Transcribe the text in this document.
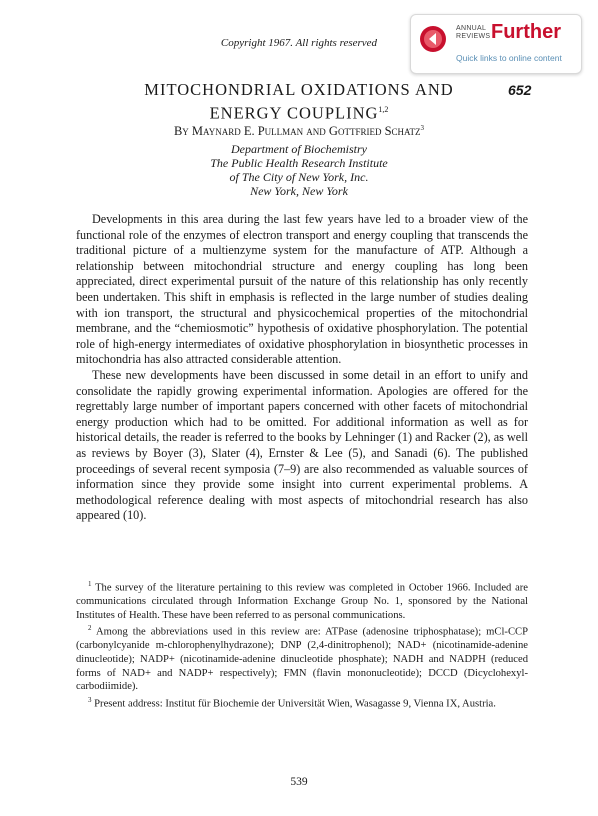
Copyright 1967. All rights reserved
ANNUAL
REVIEWS Further
Quick links to online content
652
MITOCHONDRIAL OXIDATIONS AND
ENERGY COUPLING$^{1,2}$
By Maynard E. Pullman and Gottfried Schatz$^3$
Department of Biochemistry
The Public Health Research Institute
of The City of New York, Inc.
New York, New York

Developments in this area during the last few years have led to a broader view of the functional role of the enzymes of electron transport and energy coupling that transcends the traditional picture of a multienzyme system for the manufacture of ATP. Although a relationship between mitochondrial structure and energy coupling has long been appreciated, direct experimental pursuit of the nature of this relationship has only recently been undertaken. This shift in emphasis is reflected in the large number of studies dealing with ion transport, the structural and physicochemical properties of the mitochondrial membrane, and the “chemiosmotic” hypothesis of oxidative phosphorylation. The potential role of high-energy intermediates of oxidative phosphorylation in biosynthetic processes in mitochondria has also attracted considerable attention.

These new developments have been discussed in some detail in an effort to unify and consolidate the rapidly growing experimental information. Apologies are offered for the regrettably large number of important papers concerned with other facets of mitochondrial energy production which had to be omitted. For additional information as well as for historical details, the reader is referred to the books by Lehninger (1) and Racker (2), as well as reviews by Boyer (3), Slater (4), Ernster & Lee (5), and Sanadi (6). The published proceedings of several recent symposia (7–9) are also recommended as valuable sources of information since they provide some insight into current experimental problems. A methodological reference dealing with most aspects of mitochondrial research has also appeared (10).

$^1$ The survey of the literature pertaining to this review was completed in October 1966. Included are communications circulated through Information Exchange Group No. 1, sponsored by the National Institutes of Health. These have been referred to as personal communications.

$^2$ Among the abbreviations used in this review are: ATPase (adenosine triphosphatase); mCl-CCP (carbonylcyanide m-chlorophenylhydrazone); DNP (2,4-dinitrophenol); NAD+ (nicotinamide-adenine dinucleotide); NADP+ (nicotinamide-adenine dinucleotide phosphate); NADH and NADPH (reduced forms of NAD+ and NADP+ respectively); FMN (flavin mononucleotide); DCCD (Dicyclohexyl-carbodiimide).

$^3$ Present address: Institut für Biochemie der Universität Wien, Wasagasse 9, Vienna IX, Austria.

539
